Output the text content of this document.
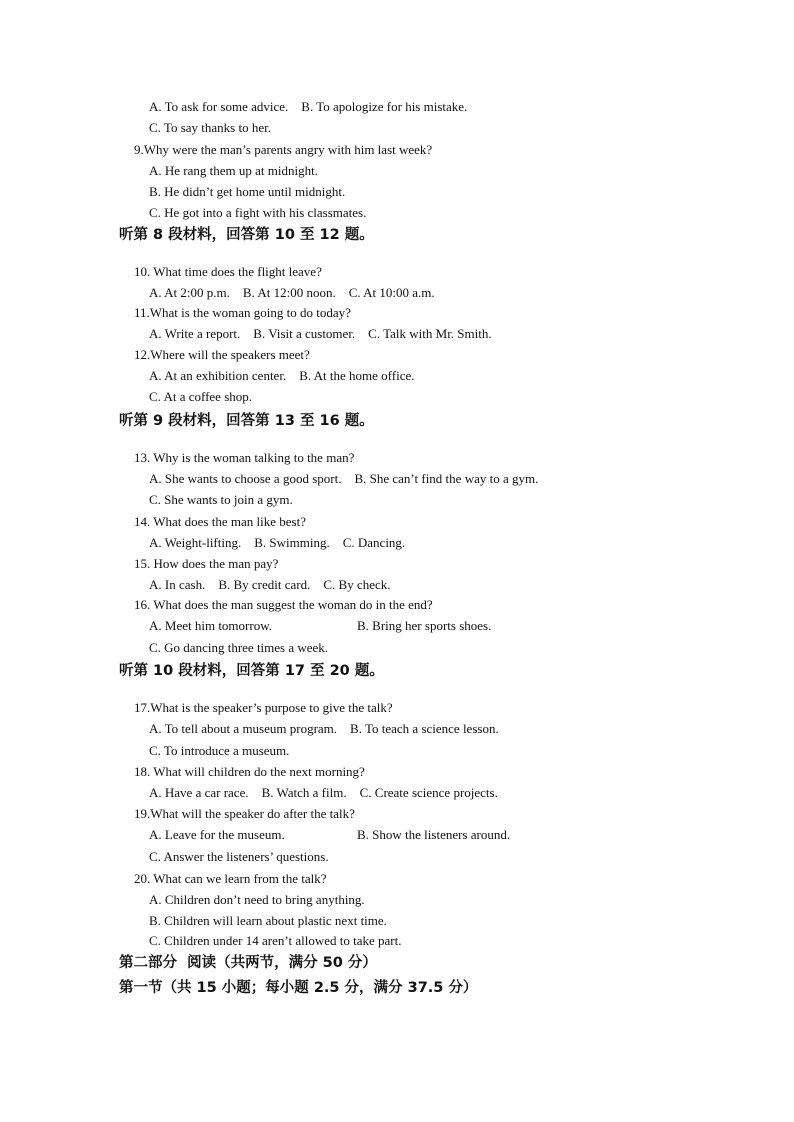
A. To ask for some advice.    B. To apologize for his mistake.
C. To say thanks to her.
9.Why were the man’s parents angry with him last week?
A. He rang them up at midnight.
B. He didn’t get home until midnight.
C. He got into a fight with his classmates.
听第 8 段材料，回答第 10 至 12 题。
10. What time does the flight leave?
A. At 2:00 p.m.    B. At 12:00 noon.    C. At 10:00 a.m.
11.What is the woman going to do today?
A. Write a report.    B. Visit a customer.    C. Talk with Mr. Smith.
12.Where will the speakers meet?
A. At an exhibition center.    B. At the home office.
C. At a coffee shop.
听第 9 段材料，回答第 13 至 16 题。
13. Why is the woman talking to the man?
A. She wants to choose a good sport.    B. She can’t find the way to a gym.
C. She wants to join a gym.
14. What does the man like best?
A. Weight-lifting.    B. Swimming.    C. Dancing.
15. How does the man pay?
A. In cash.    B. By credit card.    C. By check.
16. What does the man suggest the woman do in the end?
A. Meet him tomorrow.	B. Bring her sports shoes.
C. Go dancing three times a week.
听第 10 段材料，回答第 17 至 20 题。
17.What is the speaker’s purpose to give the talk?
A. To tell about a museum program.    B. To teach a science lesson.
C. To introduce a museum.
18. What will children do the next morning?
A. Have a car race.    B. Watch a film.    C. Create science projects.
19.What will the speaker do after the talk?
A. Leave for the museum.	B. Show the listeners around.
C. Answer the listeners’ questions.
20. What can we learn from the talk?
A. Children don’t need to bring anything.
B. Children will learn about plastic next time.
C. Children under 14 aren’t allowed to take part.
第二部分  阅读（共两节，满分 50 分）
第一节（共 15 小题；每小题 2.5 分，满分 37.5 分）
